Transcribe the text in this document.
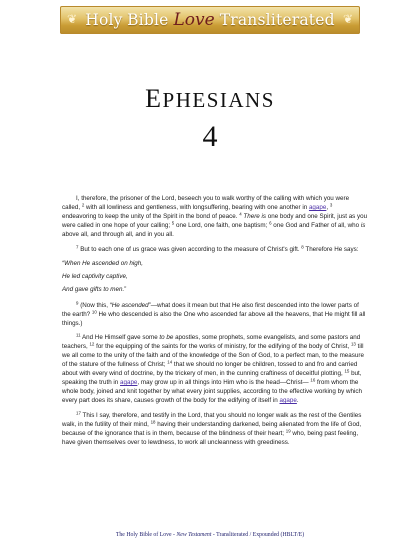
❦ Holy
Bible Love Transliterated ❦
EPHESIANS
4

I, therefore, the prisoner of the Lord, beseech you to walk worthy of the calling with which you were called, $^2$ with all lowliness and gentleness, with longsuffering, bearing with one another in agape, $^3$ endeavoring to keep the unity of the Spirit in the bond of peace. $^4$ There is one body and one Spirit, just as you were called in one hope of your calling; $^5$ one Lord, one faith, one baptism; $^6$ one God and Father of all, who is above all, and through all, and in you all.

$^7$ But to each one of us grace was given according to the measure of Christ's gift. $^8$ Therefore He says:

“When He ascended on high,

He led captivity captive,

And gave gifts to men.”

$^9$ (Now this, “He ascended”—what does it mean but that He also first descended into the lower parts of the earth? $^{10}$ He who descended is also the One who ascended far above all the heavens, that He might fill all things.)

$^{11}$ And He Himself gave some to be apostles, some prophets, some evangelists, and some pastors and teachers, $^{12}$ for the equipping of the saints for the works of ministry, for the edifying of the body of Christ, $^{13}$ till we all come to the unity of the faith and of the knowledge of the Son of God, to a perfect man, to the measure of the stature of the fullness of Christ; $^{14}$ that we should no longer be children, tossed to and fro and carried about with every wind of doctrine, by the trickery of men, in the cunning craftiness of deceitful plotting, $^{15}$ but, speaking the truth in agape, may grow up in all things into Him who is the head—Christ— $^{16}$ from whom the whole body, joined and knit together by what every joint supplies, according to the effective working by which every part does its share, causes growth of the body for the edifying of itself in agape.

$^{17}$ This I say, therefore, and testify in the Lord, that you should no longer walk as the rest of the Gentiles walk, in the futility of their mind, $^{18}$ having their understanding darkened, being alienated from the life of God, because of the ignorance that is in them, because of the blindness of their heart; $^{19}$ who, being past feeling, have given themselves over to lewdness, to work all uncleanness with greediness.

The Holy Bible of Love - New Testament - Transliterated / Expounded (HBLT/E)
